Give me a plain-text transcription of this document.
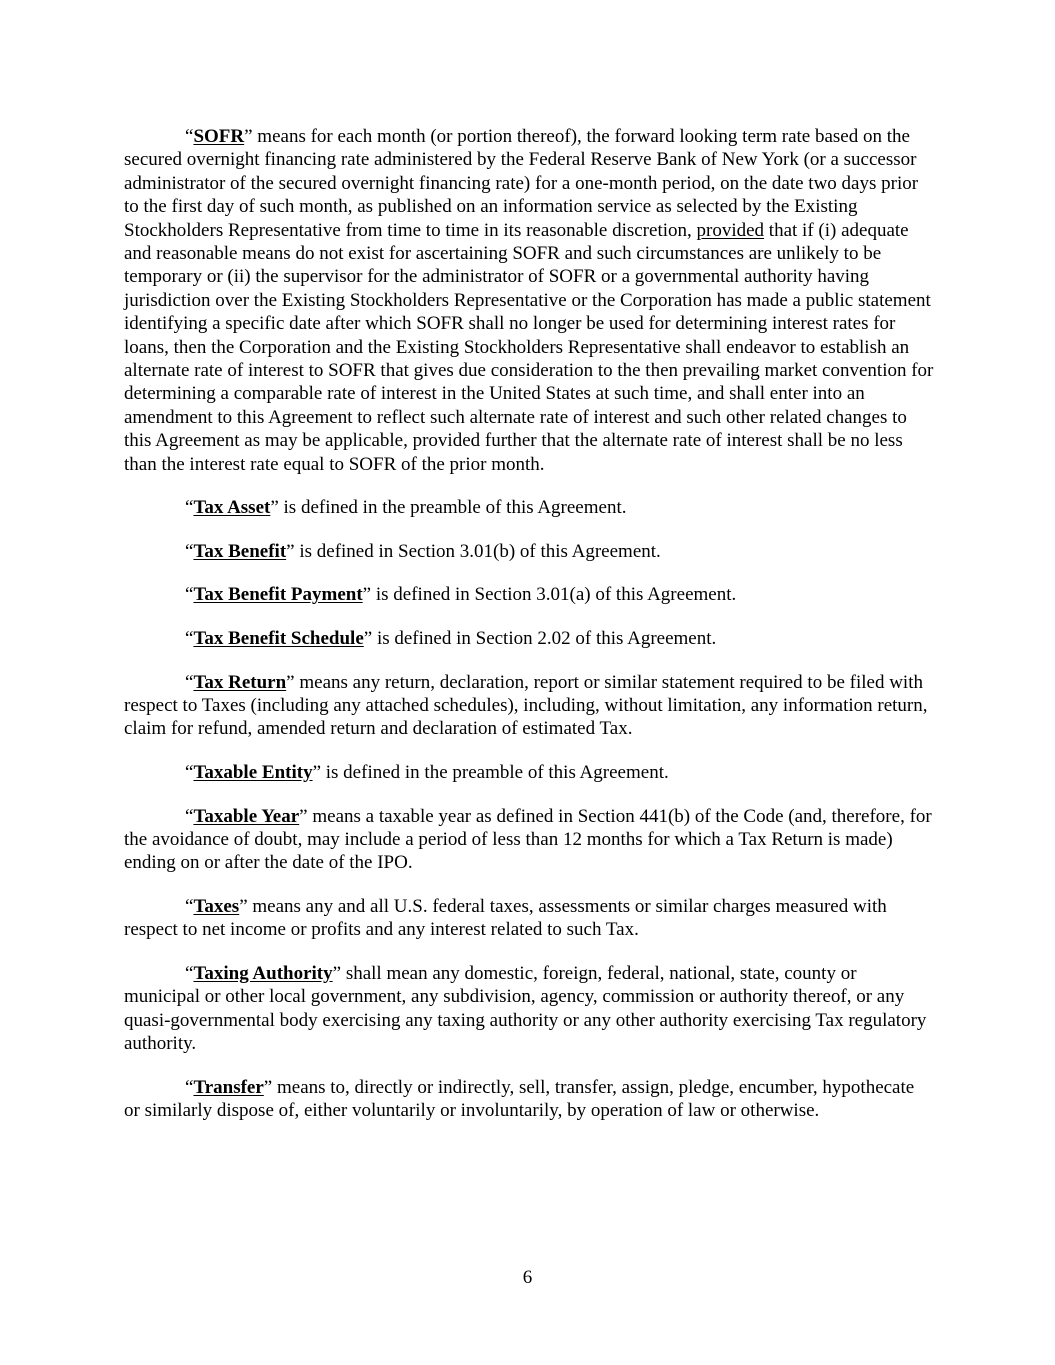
“SOFR” means for each month (or portion thereof), the forward looking term rate based on the secured overnight financing rate administered by the Federal Reserve Bank of New York (or a successor administrator of the secured overnight financing rate) for a one-month period, on the date two days prior to the first day of such month, as published on an information service as selected by the Existing Stockholders Representative from time to time in its reasonable discretion, provided that if (i) adequate and reasonable means do not exist for ascertaining SOFR and such circumstances are unlikely to be temporary or (ii) the supervisor for the administrator of SOFR or a governmental authority having jurisdiction over the Existing Stockholders Representative or the Corporation has made a public statement identifying a specific date after which SOFR shall no longer be used for determining interest rates for loans, then the Corporation and the Existing Stockholders Representative shall endeavor to establish an alternate rate of interest to SOFR that gives due consideration to the then prevailing market convention for determining a comparable rate of interest in the United States at such time, and shall enter into an amendment to this Agreement to reflect such alternate rate of interest and such other related changes to this Agreement as may be applicable, provided further that the alternate rate of interest shall be no less than the interest rate equal to SOFR of the prior month.

“Tax Asset” is defined in the preamble of this Agreement.

“Tax Benefit” is defined in Section 3.01(b) of this Agreement.

“Tax Benefit Payment” is defined in Section 3.01(a) of this Agreement.

“Tax Benefit Schedule” is defined in Section 2.02 of this Agreement.

“Tax Return” means any return, declaration, report or similar statement required to be filed with respect to Taxes (including any attached schedules), including, without limitation, any information return, claim for refund, amended return and declaration of estimated Tax.

“Taxable Entity” is defined in the preamble of this Agreement.

“Taxable Year” means a taxable year as defined in Section 441(b) of the Code (and, therefore, for the avoidance of doubt, may include a period of less than 12 months for which a Tax Return is made) ending on or after the date of the IPO.

“Taxes” means any and all U.S. federal taxes, assessments or similar charges measured with respect to net income or profits and any interest related to such Tax.

“Taxing Authority” shall mean any domestic, foreign, federal, national, state, county or municipal or other local government, any subdivision, agency, commission or authority thereof, or any quasi-governmental body exercising any taxing authority or any other authority exercising Tax regulatory authority.

“Transfer” means to, directly or indirectly, sell, transfer, assign, pledge, encumber, hypothecate or similarly dispose of, either voluntarily or involuntarily, by operation of law or otherwise.

6
